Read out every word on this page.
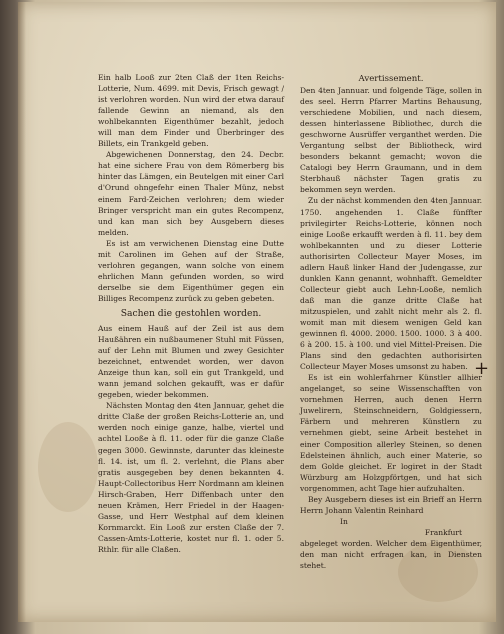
Ein halb Looß zur 2ten Claß der 1ten Reichs-Lotterie, Num. 4699. mit Devis, Frisch gewagt / ist verlohren worden. Nun wird der etwa darauf fallende Gewinn an niemand, als den wohlbekannten Eigenthümer bezahlt, jedoch will man dem Finder und Überbringer des Billets, ein Trankgeld geben.

Abgewichenen Donnerstag, den 24. Decbr. hat eine sichere Frau von dem Römerberg bis hinter das Lämgen, ein Beutelgen mit einer Carl d'Orund ohngefehr einen Thaler Münz, nebst einem Fard-Zeichen verlohren; dem wieder Bringer verspricht man ein gutes Recompenz, und kan man sich bey Ausgebern dieses melden.

Es ist am verwichenen Dienstag eine Dutte mit Carolinen im Gehen auf der Straße, verlohren gegangen, wann solche von einem ehrlichen Mann gefunden worden, so wird derselbe sie dem Eigenthümer gegen ein Billiges Recompenz zurück zu geben gebeten.

Sachen die gestohlen worden.

Aus einem Hauß auf der Zeil ist aus dem Haußähren ein nußbaumener Stuhl mit Füssen, auf der Lehn mit Blumen und zwey Gesichter bezeichnet, entwendet worden, wer davon Anzeige thun kan, soll ein gut Trankgeld, und wann jemand solchen gekaufft, was er dafür gegeben, wieder bekommen.

Nächsten Montag den 4ten Jannuar, gehet die dritte Claße der großen Reichs-Lotterie an, und werden noch einige ganze, halbe, viertel und achtel Looße à fl. 11. oder für die ganze Claße gegen 3000. Gewinnste, darunter das kleineste fl. 14. ist, um fl. 2. verlehnt, die Plans aber gratis ausgegeben bey denen bekannten 4. Haupt-Collectoribus Herr Nordmann am kleinen Hirsch-Graben, Herr Diffenbach unter den neuen Krämen, Herr Friedel in der Haagen-Gasse, und Herr Westphal auf dem kleinen Kornmarckt. Ein Looß zur ersten Claße der 7. Cassen-Amts-Lotterie, kostet nur fl. 1. oder 5. Rthlr. für alle Claßen.

Avertissement.

Den 4ten Jannuar. und folgende Täge, sollen in des seel. Herrn Pfarrer Martins Behausung, verschiedene Mobilien, und nach diesem, dessen hinterlassene Bibliothec, durch die geschworne Ausrüffer verganthet werden. Die Vergantung selbst der Bibliotheck, wird besonders bekannt gemacht; wovon die Catalogi bey Herrn Graumann, und in dem Sterbhauß nächster Tagen gratis zu bekommen seyn werden.

Zu der nächst kommenden den 4ten Jannuar. 1750. angehenden 1. Claße fünffter privilegirter Reichs-Lotterie, können noch einige Looße erkaufft werden à fl. 11. bey dem wohlbekannten und zu dieser Lotterie authorisirten Collecteur Mayer Moses, im adlern Hauß linker Hand der Judengasse, zur dunklen Kann genannt, wohnhafft. Gemeldter Collecteur giebt auch Lehn-Looße, nemlich daß man die ganze dritte Claße hat mitzuspielen, und zahlt nicht mehr als 2. fl. womit man mit diesem wenigen Geld kan gewinnen fl. 4000. 2000. 1500. 1000. 3 à 400. 6 à 200. 15. à 100. und viel Mittel-Preisen. Die Plans sind den gedachten authorisirten Collecteur Mayer Moses umsonst zu haben.

Es ist ein wohlerfahrner Künstler allhier angelanget, so seine Wissenschafften von vornehmen Herren, auch denen Herrn Juwelirern, Steinschneidern, Goldgiessern, Färbern und mehreren Künstlern zu vernehmen giebt, seine Arbeit bestehet in einer Composition allerley Steinen, so denen Edelsteinen ähnlich, auch einer Materie, so dem Golde gleichet. Er logiret in der Stadt Würzburg am Holzgpförtgen, und hat sich vorgenommen, acht Tage hier aufzuhalten.

Bey Ausgebern dieses ist ein Brieff an Herrn Herrn Johann Valentin Reinhard

In
Frankfurt

abgeleget worden. Welcher dem Eigenthümer, den man nicht erfragen kan, in Diensten stehet.

+
